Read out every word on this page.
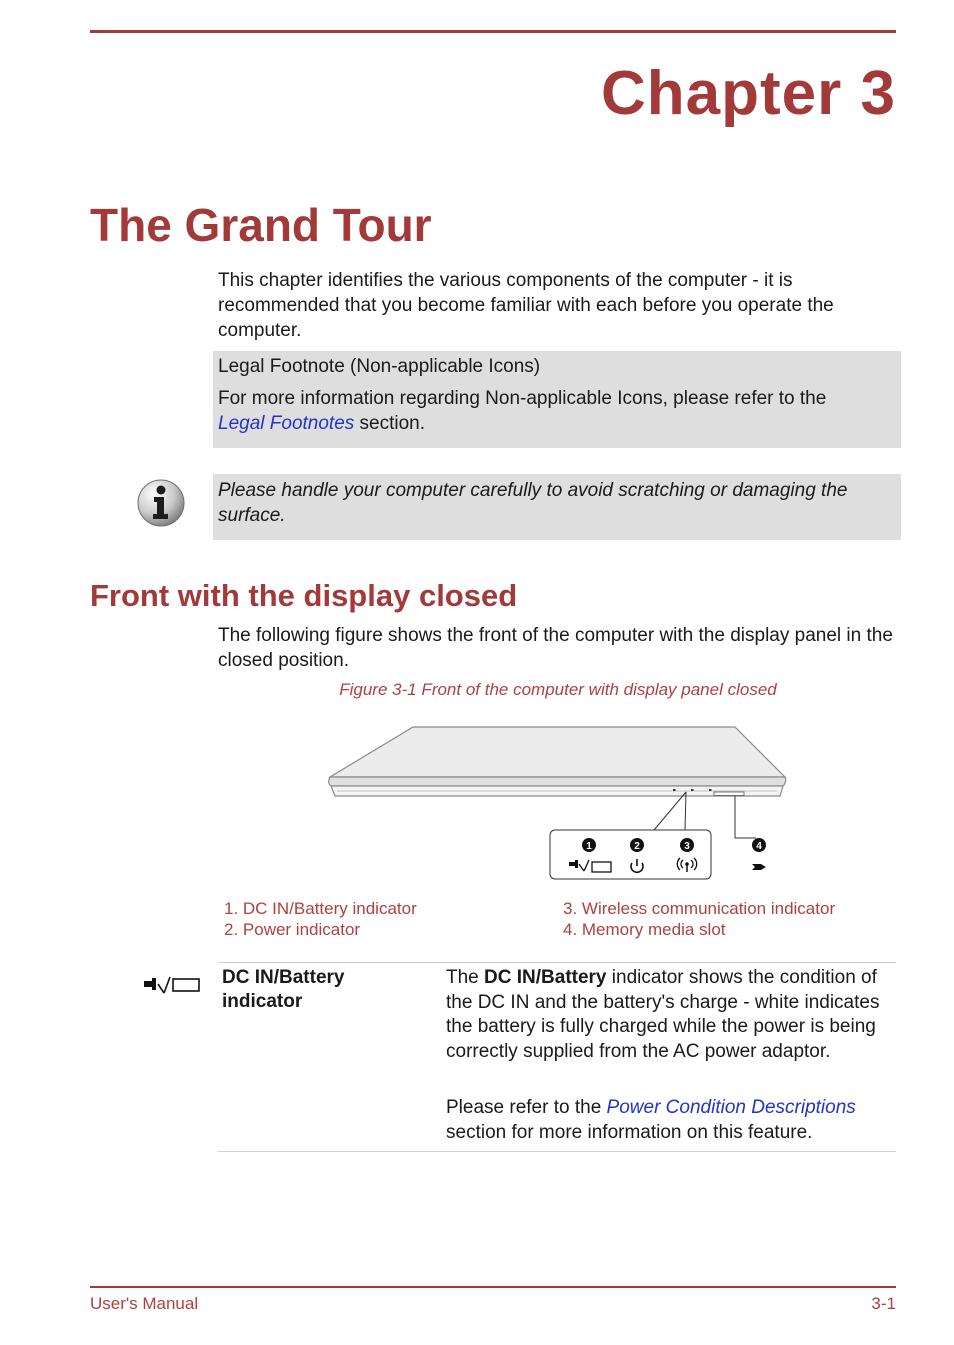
Chapter 3
The Grand Tour
This chapter identifies the various components of the computer - it is recommended that you become familiar with each before you operate the computer.
Legal Footnote (Non-applicable Icons)
For more information regarding Non-applicable Icons, please refer to the
Legal Footnotes section.
Please handle your computer carefully to avoid scratching or damaging the surface.
Front with the display closed
The following figure shows the front of the computer with the display panel in the closed position.
Figure 3-1 Front of the computer with display panel closed
1	2	3	4
1. DC IN/Battery indicator
2. Power indicator
3. Wireless communication indicator
4. Memory media slot
DC IN/Battery
indicator
The DC IN/Battery indicator shows the condition of the DC IN and the battery's charge - white indicates the battery is fully charged while the power is being correctly supplied from the AC power adaptor.
Please refer to the Power Condition Descriptions section for more information on this feature.
User's Manual	3-1
